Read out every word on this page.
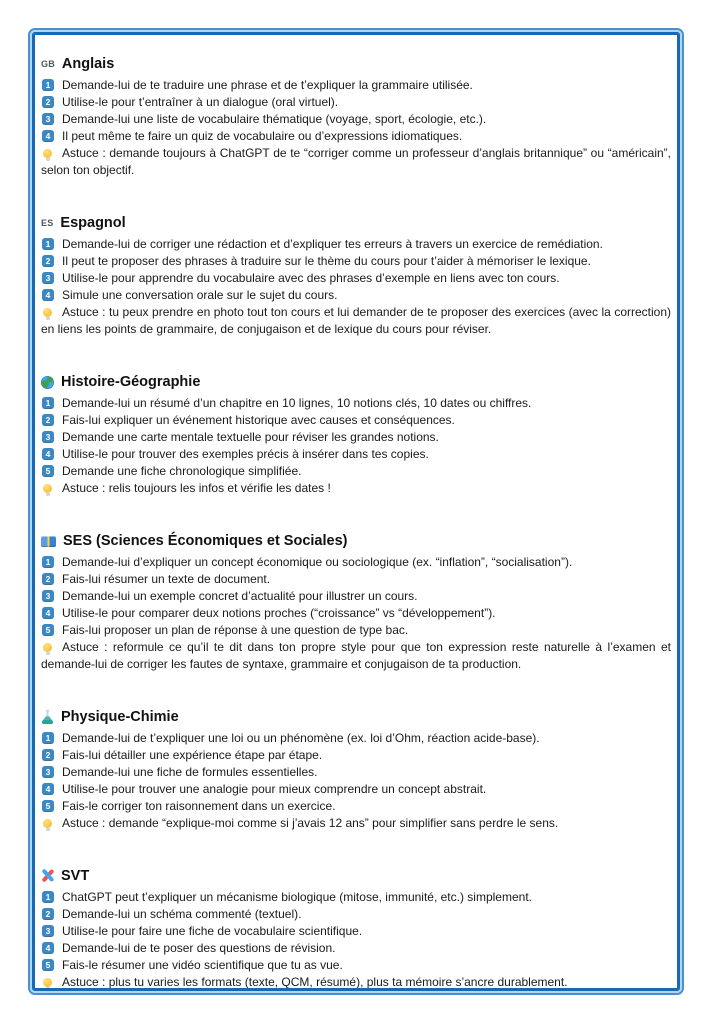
GB Anglais
1 Demande-lui de te traduire une phrase et de t’expliquer la grammaire utilisée.
2 Utilise-le pour t’entraîner à un dialogue (oral virtuel).
3 Demande-lui une liste de vocabulaire thématique (voyage, sport, écologie, etc.).
4 Il peut même te faire un quiz de vocabulaire ou d’expressions idiomatiques.

Astuce : demande toujours à ChatGPT de te “corriger comme un professeur d’anglais britannique” ou “américain”, selon ton objectif.

ES Espagnol
1 Demande-lui de corriger une rédaction et d’expliquer tes erreurs à travers un exercice de remédiation.
2 Il peut te proposer des phrases à traduire sur le thème du cours pour t’aider à mémoriser le lexique.
3 Utilise-le pour apprendre du vocabulaire avec des phrases d’exemple en liens avec ton cours.
4 Simule une conversation orale sur le sujet du cours.

Astuce : tu peux prendre en photo tout ton cours et lui demander de te proposer des exercices (avec la correction) en liens les points de grammaire, de conjugaison et de lexique du cours pour réviser.

Histoire-Géographie
1 Demande-lui un résumé d’un chapitre en 10 lignes, 10 notions clés, 10 dates ou chiffres.
2 Fais-lui expliquer un événement historique avec causes et conséquences.
3 Demande une carte mentale textuelle pour réviser les grandes notions.
4 Utilise-le pour trouver des exemples précis à insérer dans tes copies.
5 Demande une fiche chronologique simplifiée.

Astuce : relis toujours les infos et vérifie les dates !

SES (Sciences Économiques et Sociales)
1 Demande-lui d’expliquer un concept économique ou sociologique (ex. “inflation”, “socialisation”).
2 Fais-lui résumer un texte de document.
3 Demande-lui un exemple concret d’actualité pour illustrer un cours.
4 Utilise-le pour comparer deux notions proches (“croissance” vs “développement”).
5 Fais-lui proposer un plan de réponse à une question de type bac.

Astuce : reformule ce qu’il te dit dans ton propre style pour que ton expression reste naturelle à l’examen et demande-lui de corriger les fautes de syntaxe, grammaire et conjugaison de ta production.

Physique-Chimie
1 Demande-lui de t’expliquer une loi ou un phénomène (ex. loi d’Ohm, réaction acide-base).
2 Fais-lui détailler une expérience étape par étape.
3 Demande-lui une fiche de formules essentielles.
4 Utilise-le pour trouver une analogie pour mieux comprendre un concept abstrait.
5 Fais-le corriger ton raisonnement dans un exercice.

Astuce : demande “explique-moi comme si j’avais 12 ans” pour simplifier sans perdre le sens.

SVT
1 ChatGPT peut t’expliquer un mécanisme biologique (mitose, immunité, etc.) simplement.
2 Demande-lui un schéma commenté (textuel).
3 Utilise-le pour faire une fiche de vocabulaire scientifique.
4 Demande-lui de te poser des questions de révision.
5 Fais-le résumer une vidéo scientifique que tu as vue.

Astuce : plus tu varies les formats (texte, QCM, résumé), plus ta mémoire s’ancre durablement.
